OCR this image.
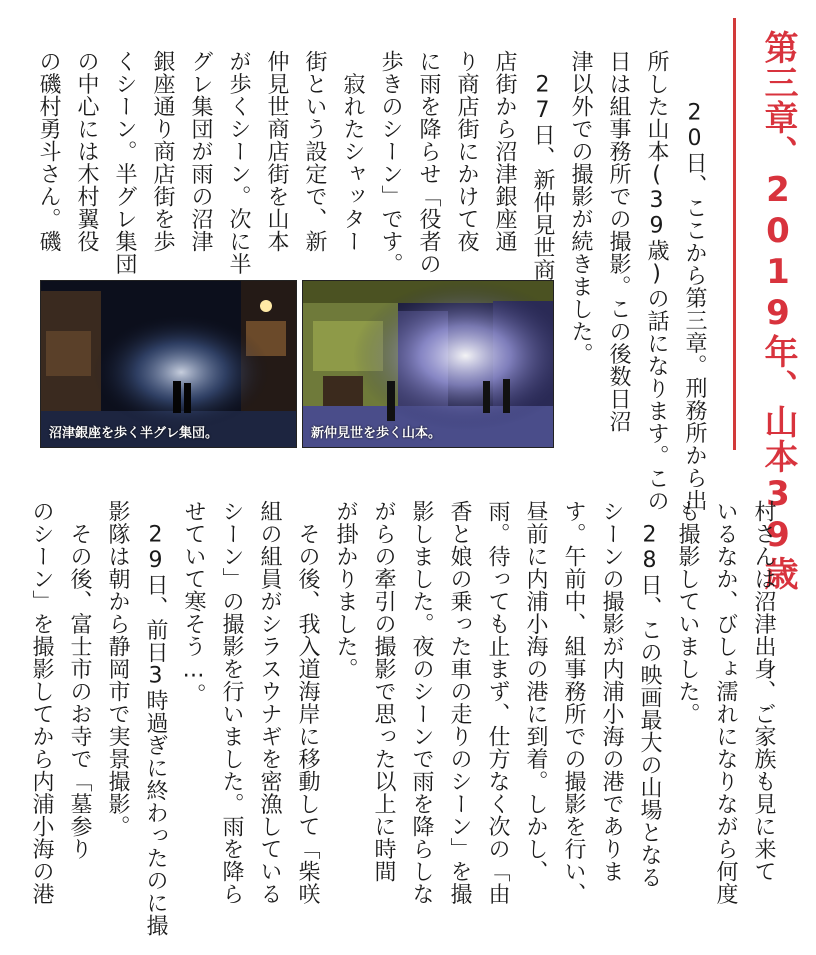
第三章、2019年、山本39歳
　20日、ここから第三章。刑務所から出
所した山本(39歳)の話になります。この
日は組事務所での撮影。この後数日沼
津以外での撮影が続きました。
　27日、新仲見世商
店街から沼津銀座通
り商店街にかけて夜
に雨を降らせ「役者の
歩きのシーン」です。
　寂れたシャッター
街という設定で、新
仲見世商店街を山本
が歩くシーン。次に半
グレ集団が雨の沼津
銀座通り商店街を歩
くシーン。半グレ集団
の中心には木村翼役
の磯村勇斗さん。磯
新仲見世を歩く山本。
沼津銀座を歩く半グレ集団。
村さんは沼津出身、ご家族も見に来て
いるなか、びしょ濡れになりながら何度
も撮影していました。
　28日、この映画最大の山場となる
シーンの撮影が内浦小海の港でありま
す。午前中、組事務所での撮影を行い、
昼前に内浦小海の港に到着。しかし、
雨。待っても止まず、仕方なく次の「由
香と娘の乗った車の走りのシーン」を撮
影しました。夜のシーンで雨を降らしな
がらの牽引の撮影で思った以上に時間
が掛かりました。
　その後、我入道海岸に移動して「柴咲
組の組員がシラスウナギを密漁している
シーン」の撮影を行いました。雨を降ら
せていて寒そう…。
　29日、前日3時過ぎに終わったのに撮
影隊は朝から静岡市で実景撮影。
　その後、富士市のお寺で「墓参り
のシーン」を撮影してから内浦小海の港
